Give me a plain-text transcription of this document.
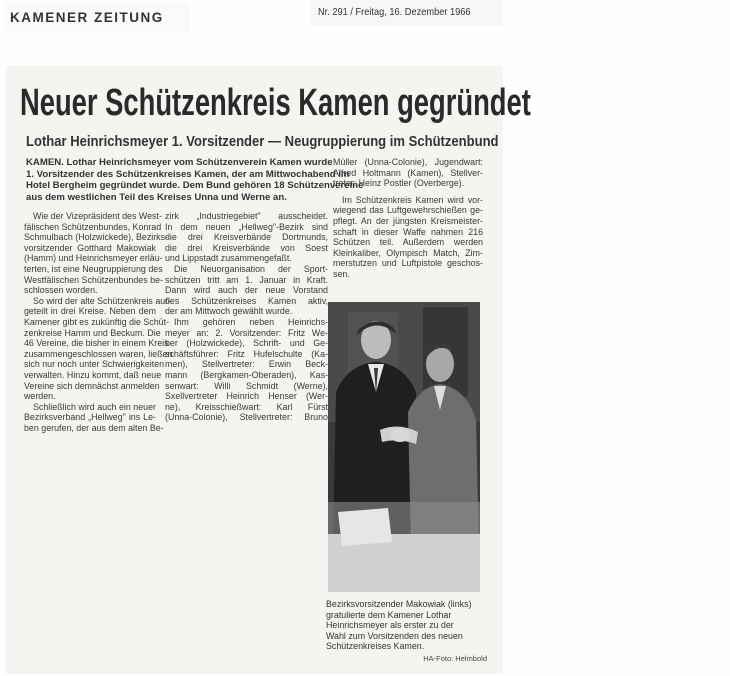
KAMENER ZEITUNG	Nr. 291 / Freitag, 16. Dezember 1966
Neuer Schützenkreis Kamen gegründet
Lothar Heinrichsmeyer 1. Vorsitzender — Neugruppierung im Schützenbund
KAMEN. Lothar Heinrichsmeyer vom Schützenverein Kamen wurde
1. Vorsitzender des Schützenkreises Kamen, der am Mittwochabend im
Hotel Bergheim gegründet wurde. Dem Bund gehören 18 Schützenvereine
aus dem westlichen Teil des Kreises Unna und Werne an.
Wie der Vizepräsident des West-
fälischen Schützenbundes, Konrad
Schmulbach (Holzwickede), Bezirks-
vorsitzender Gotthard Makowiak
(Hamm) und Heinrichsmeyer erläu-
terten, ist eine Neugruppierung des
Westfälischen Schützenbundes be-
schlossen worden.
So wird der alte Schützenkreis auf-
geteilt in drei Kreise. Neben dem
Kamener gibt es zukünftig die Schüt-
zenkreise Hamm und Beckum. Die
46 Vereine, die bisher in einem Kreis
zusammengeschlossen waren, ließen
sich nur noch unter Schwierigkeiten
verwalten. Hinzu kommt, daß neue
Vereine sich demnächst anmelden
werden.
Schließlich wird auch ein neuer
Bezirksverband „Hellweg" ins Le-
ben gerufen, der aus dem alten Be-
zirk „Industriegebiet" ausscheidet.
In dem neuen „Hellweg"-Bezirk sind
die drei Kreisverbände Dortmunds,
die drei Kreisverbände von Soest
und Lippstadt zusammengefaßt.
Die Neuorganisation der Sport-
schützen tritt am 1. Januar in Kraft.
Dann wird auch der neue Vorstand
des Schützenkreises Kamen aktiv,
der am Mittwoch gewählt wurde.
Ihm gehören neben Heinrichs-
meyer an: 2. Vorsitzender: Fritz We-
ber (Holzwickede), Schrift- und Ge-
schäftsführer: Fritz Hufelschulte (Ka-
men), Stellvertreter: Erwin Beck-
mann (Bergkamen-Oberaden), Kas-
senwart: Willi Schmidt (Werne),
Sxellvertreter Heinrich Henser (Wer-
ne), Kreisschießwart: Karl Fürst
(Unna-Colonie), Stellvertreter: Bruno
Müller (Unna-Colonie), Jugendwart:
Alfred Holtmann (Kamen), Stellver-
treter: Heinz Postler (Overberge).
Im Schützenkreis Kamen wird vor-
wiegend das Luftgewehrschießen ge-
pflegt. An der jüngsten Kreismeister-
schaft in dieser Waffe nahmen 216
Schützen teil. Außerdem werden
Kleinkaliber, Olympisch Match, Zim-
merstutzen und Luftpistole geschos-
sen.
Bezirksvorsitzender Makowiak (links)
gratulierte dem Kamener Lothar
Heinrichsmeyer als erster zu der
Wahl zum Vorsitzenden des neuen
Schützenkreises Kamen.
HA-Foto: Helmbold
